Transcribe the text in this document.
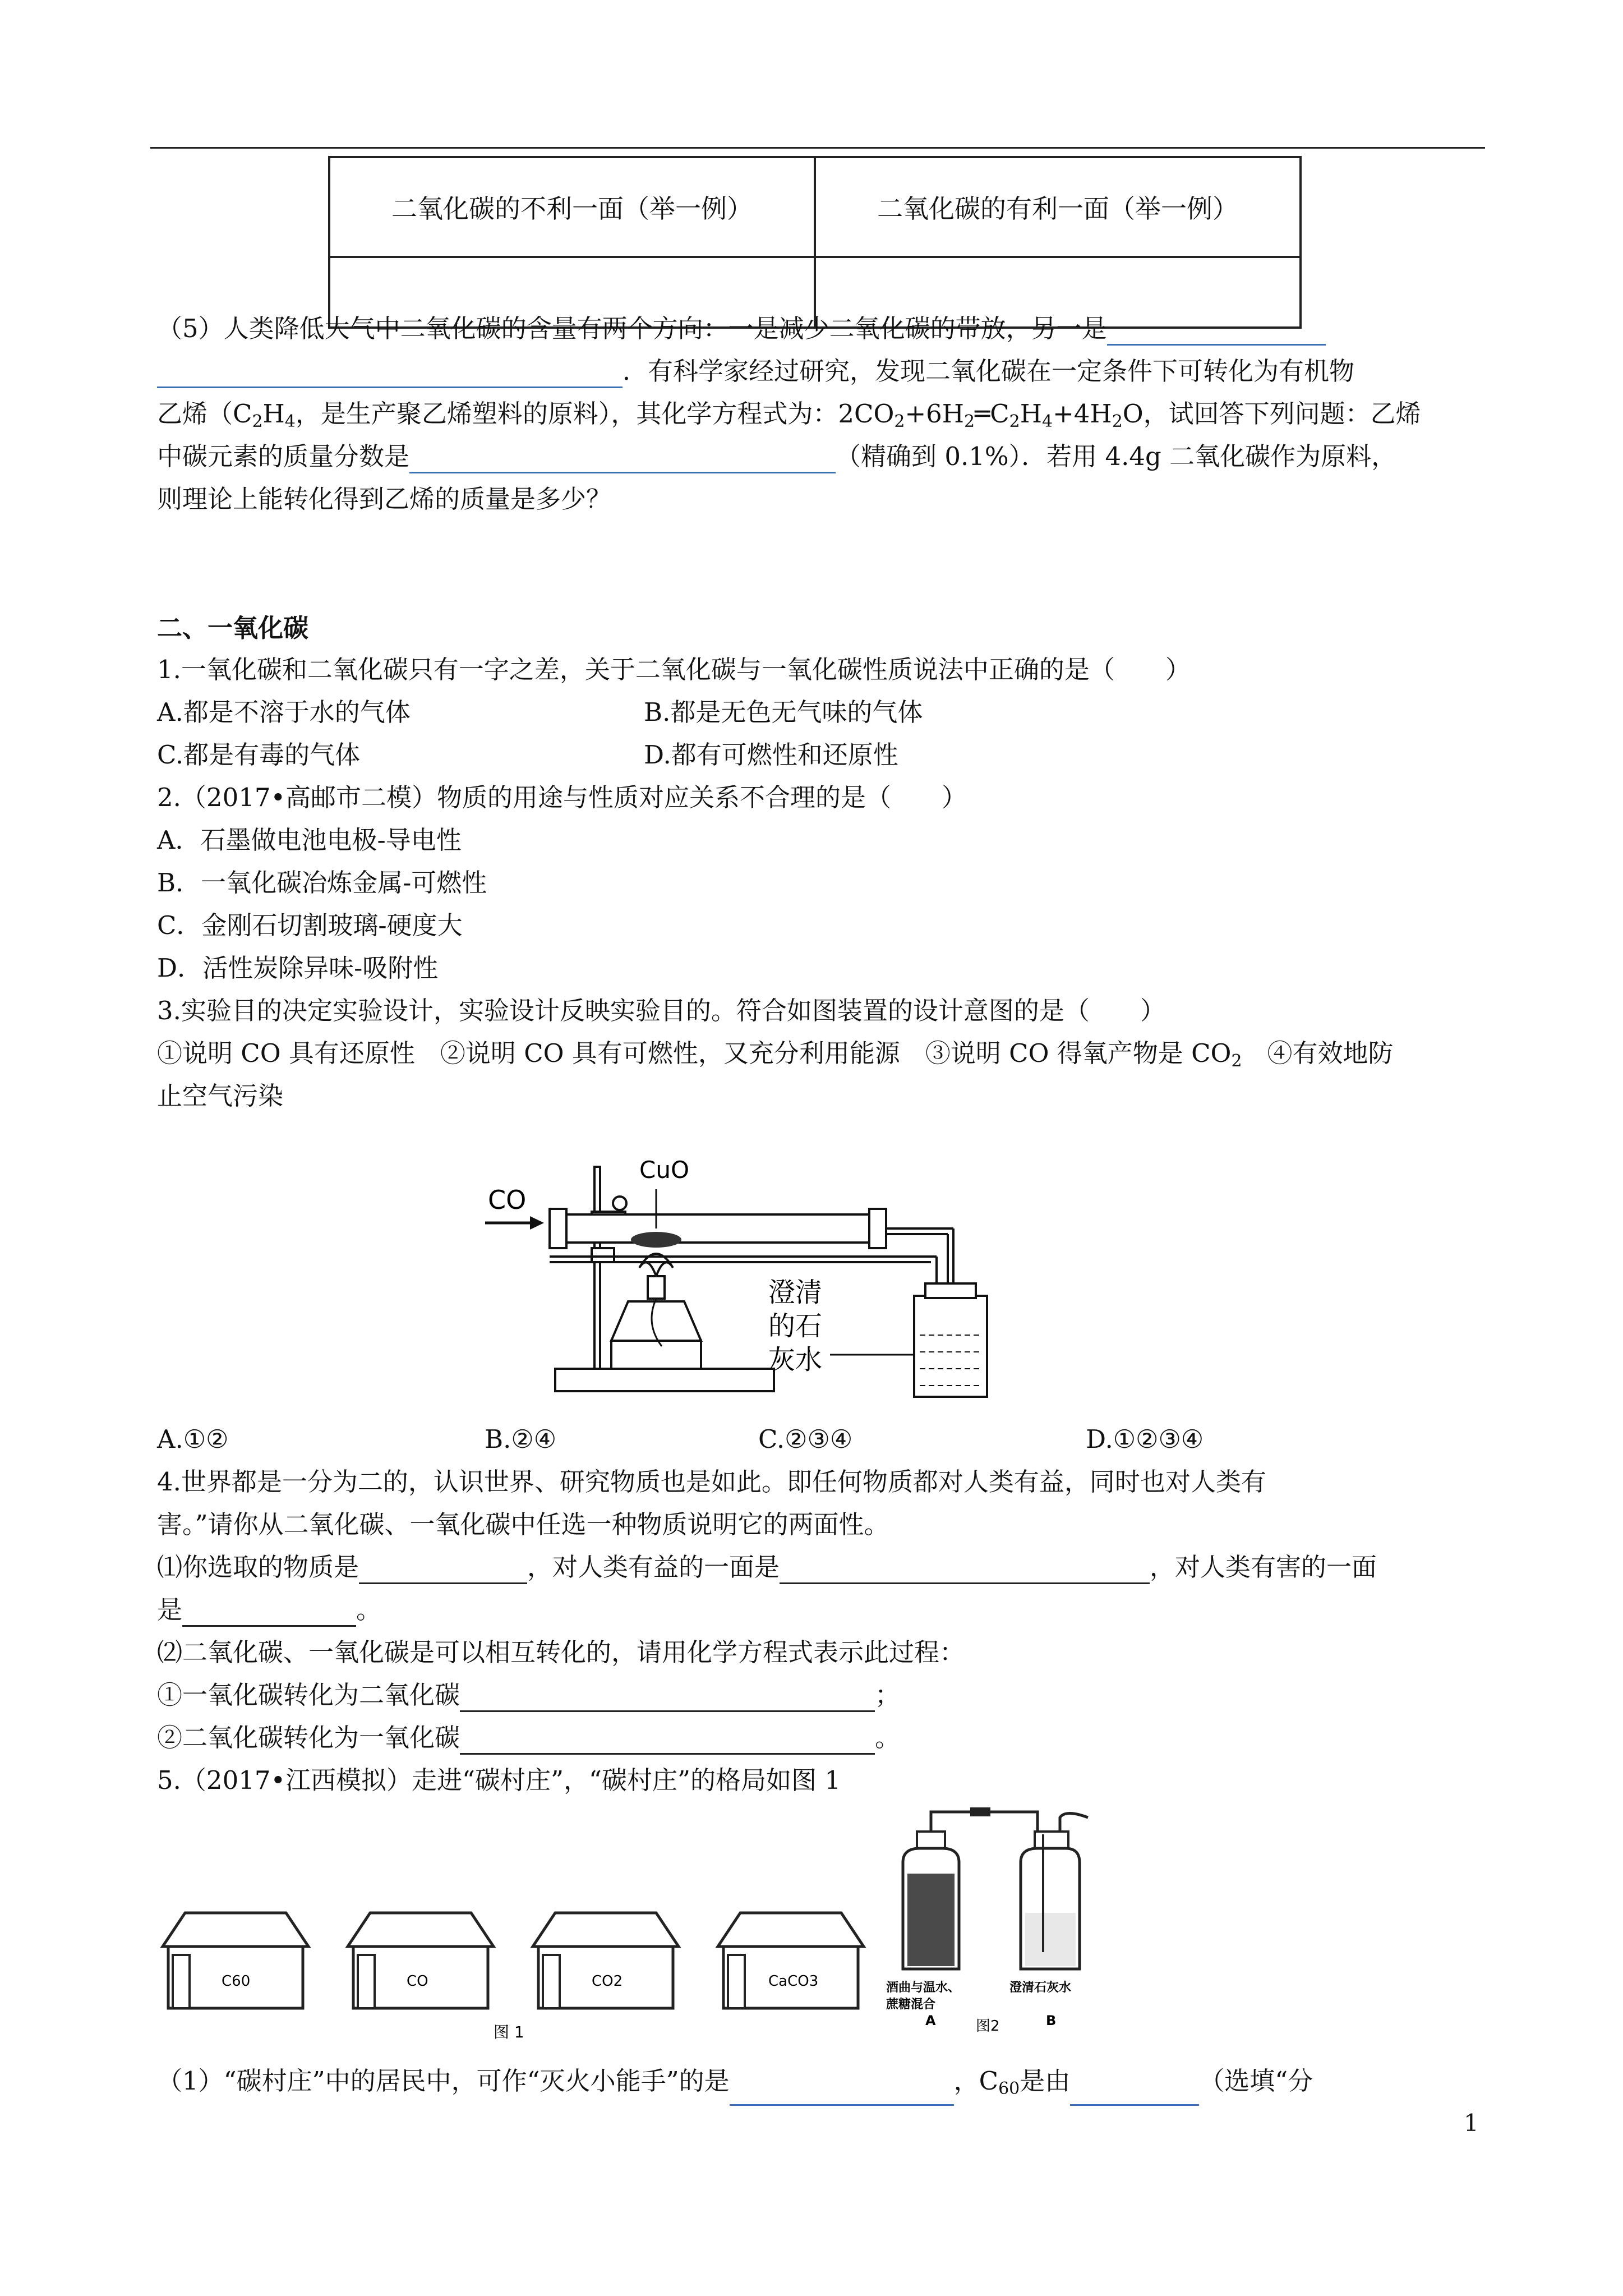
二氧化碳的不利一面（举一例）	二氧化碳的有利一面（举一例）

（5）人类降低大气中二氧化碳的含量有两个方向：一是减少二氧化碳的带放，另一是
．有科学家经过研究，发现二氧化碳在一定条件下可转化为有机物
乙烯（$C_2H_4$，是生产聚乙烯塑料的原料），其化学方程式为：$2CO_2+6H_2═C_2H_4+4H_2O$，试回答下列问题：乙烯
中碳元素的质量分数是	（精确到 0.1%）．若用 4.4g 二氧化碳作为原料，
则理论上能转化得到乙烯的质量是多少？
二、一氧化碳
1.一氧化碳和二氧化碳只有一字之差，关于二氧化碳与一氧化碳性质说法中正确的是（　　）
A.都是不溶于水的气体	B.都是无色无气味的气体
C.都是有毒的气体	D.都有可燃性和还原性
2.（2017•高邮市二模）物质的用途与性质对应关系不合理的是（　　）
A．石墨做电池电极-导电性
B．一氧化碳冶炼金属-可燃性
C．金刚石切割玻璃-硬度大
D．活性炭除异味-吸附性
3.实验目的决定实验设计，实验设计反映实验目的。符合如图装置的设计意图的是（　　）
①说明 CO 具有还原性　②说明 CO 具有可燃性，又充分利用能源　③说明 CO 得氧产物是 $CO_2$　④有效地防
止空气污染
CO
CuO
澄清
的石
灰水
A.①②	B.②④	C.②③④	D.①②③④
4.世界都是一分为二的，认识世界、研究物质也是如此。即任何物质都对人类有益，同时也对人类有
害。”请你从二氧化碳、一氧化碳中任选一种物质说明它的两面性。
⑴你选取的物质是	，对人类有益的一面是	，对人类有害的一面
是	。
⑵二氧化碳、一氧化碳是可以相互转化的，请用化学方程式表示此过程：
①一氧化碳转化为二氧化碳	；
②二氧化碳转化为一氧化碳	。
5.（2017•江西模拟）走进“碳村庄”，“碳村庄”的格局如图 1
C60	CO	CO2	CaCO3
图 1
酒曲与温水、
蔗糖混合
A
澄清石灰水
B
图2
（1）“碳村庄”中的居民中，可作“灭火小能手”的是	，$C_{60}$是由	（选填“分
1
